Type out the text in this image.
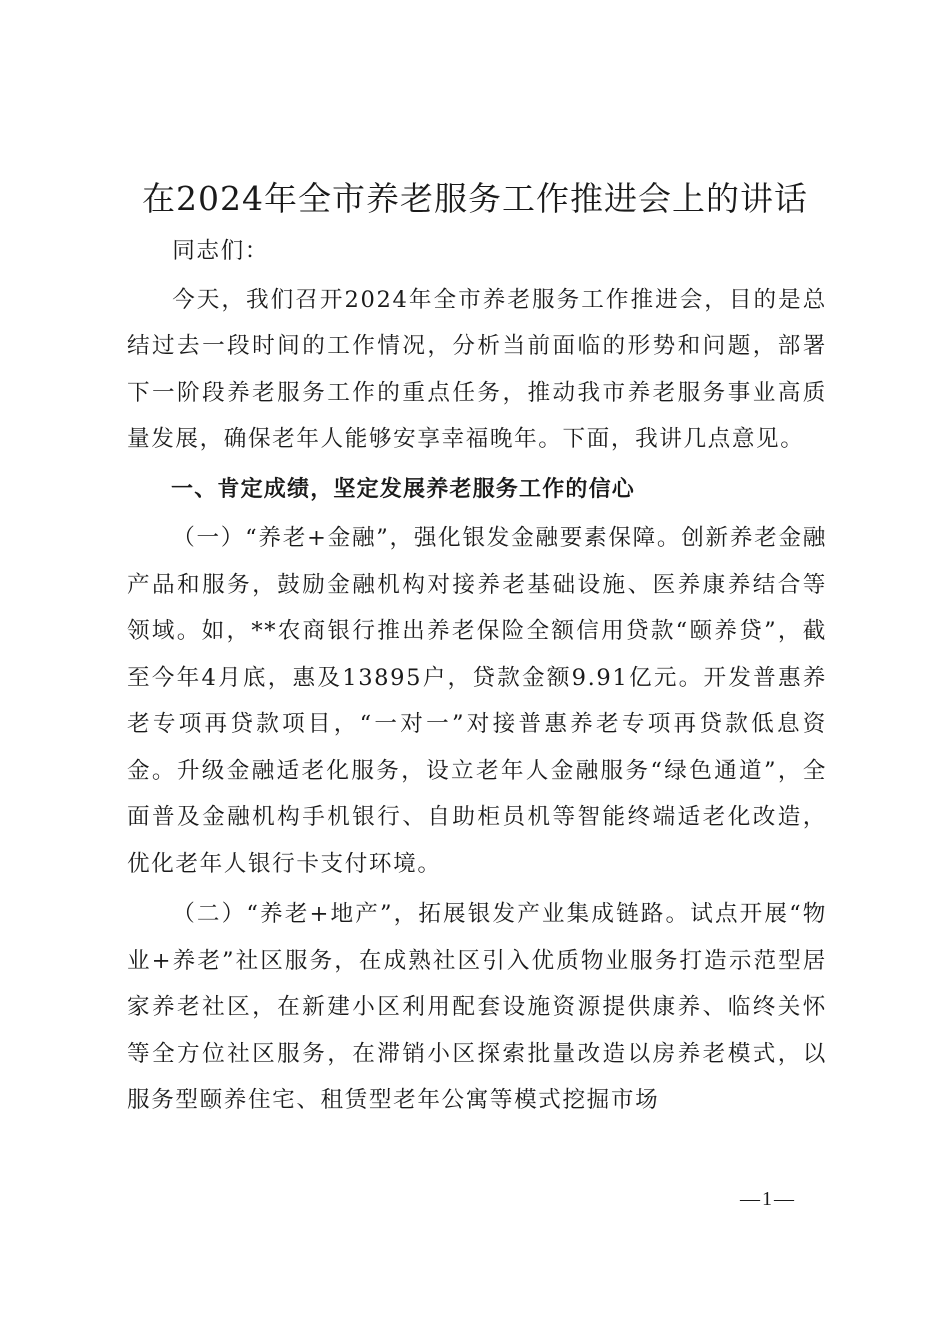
在2024年全市养老服务工作推进会上的讲话

同志们：

今天，我们召开2024年全市养老服务工作推进会，目的是总结过去一段时间的工作情况，分析当前面临的形势和问题，部署下一阶段养老服务工作的重点任务，推动我市养老服务事业高质量发展，确保老年人能够安享幸福晚年。下面，我讲几点意见。

一、肯定成绩，坚定发展养老服务工作的信心

（一）“养老+金融”，强化银发金融要素保障。创新养老金融产品和服务，鼓励金融机构对接养老基础设施、医养康养结合等领域。如，**农商银行推出养老保险全额信用贷款“颐养贷”，截至今年4月底，惠及13895户，贷款金额9.91亿元。开发普惠养老专项再贷款项目，“一对一”对接普惠养老专项再贷款低息资金。升级金融适老化服务，设立老年人金融服务“绿色通道”，全面普及金融机构手机银行、自助柜员机等智能终端适老化改造，优化老年人银行卡支付环境。

（二）“养老+地产”，拓展银发产业集成链路。试点开展“物业+养老”社区服务，在成熟社区引入优质物业服务打造示范型居家养老社区，在新建小区利用配套设施资源提供康养、临终关怀等全方位社区服务，在滞销小区探索批量改造以房养老模式，以服务型颐养住宅、租赁型老年公寓等模式挖掘市场

—1—
